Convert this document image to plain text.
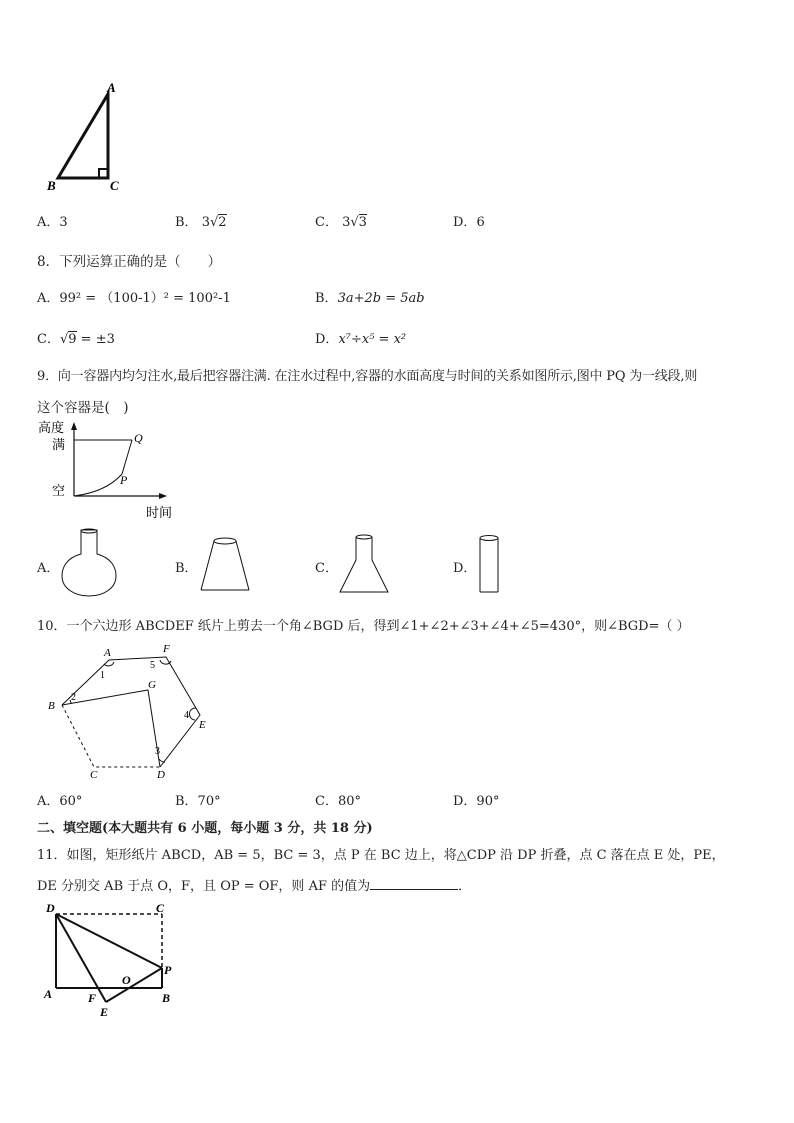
A
B	C
A．3	B． 3√2	C． 3√3	D．6
8．下列运算正确的是（　　）
A．99² = （100-1）² = 100²-1	B．3a+2b = 5ab
C．√9 = ±3	D．x⁷÷x⁵ = x²
9．向一容器内均匀注水,最后把容器注满. 在注水过程中,容器的水面高度与时间的关系如图所示,图中 PQ 为一线段,则
这个容器是(　)
高度
满
空
时间
Q
P
A．	B．	C．	D．
10．一个六边形 ABCDEF 纸片上剪去一个角∠BGD 后，得到∠1+∠2+∠3+∠4+∠5=430°，则∠BGD=（ ）
A	F
B
G
E
C	D
1
2
3
4
5
A．60°	B．70°	C．80°	D．90°
二、填空题(本大题共有 6 小题，每小题 3 分，共 18 分)
11．如图，矩形纸片 ABCD，AB = 5，BC = 3，点 P 在 BC 边上，将△CDP 沿 DP 折叠，点 C 落在点 E 处，PE，
DE 分别交 AB 于点 O，F，且 OP = OF，则 AF 的值为	．
D	C
P
O
A	F	B
E
